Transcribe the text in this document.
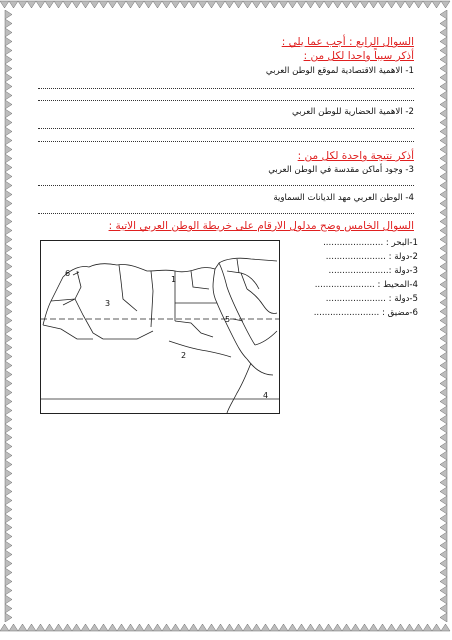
السوال الرابع : أجب عما يلي :
أذكر سبباً واحدا لكل من :
1- الاهمية الاقتصادية لموقع الوطن العربي
2- الاهمية الحضارية للوطن العربي
أذكر نتيجة واحدة لكل من :
3- وجود أماكن مقدسة في الوطن العربي
4- الوطن العربي مهد الديانات السماوية
السوال الخامس وضح مدلول الارقام على خريطة الوطن العربي الاتية :
6
1
3
5
2
4
1-البحر : ......................
2-دولة : ......................
3-دولة :......................
4-المحيط : ......................
5-دولة : ......................
6-مضيق : ........................
